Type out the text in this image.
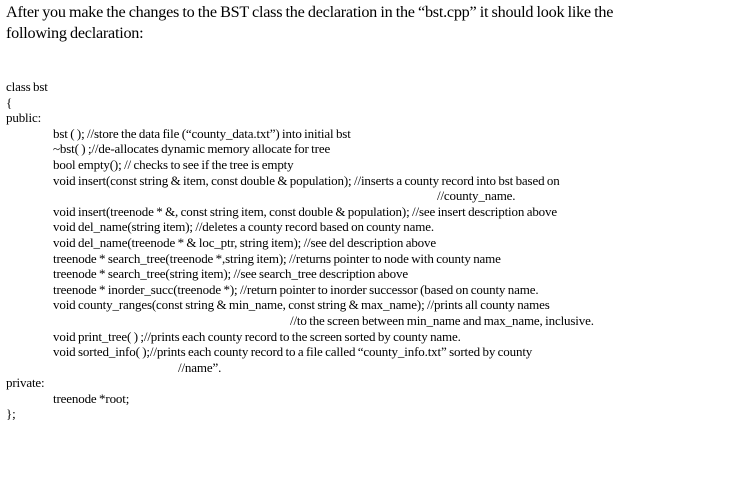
After you make the changes to the BST class the declaration in the “bst.cpp” it should look like the
following declaration:
class bst
{
public:
bst ( ); //store the data file (“county_data.txt”) into initial bst
~bst( ) ;//de-allocates dynamic memory allocate for tree
bool empty(); // checks to see if the tree is empty
void insert(const string & item, const double & population); //inserts a county record into bst based on
//county_name.
void insert(treenode * &, const string item, const double & population); //see insert description above
void del_name(string item); //deletes a county record based on county name.
void del_name(treenode * & loc_ptr, string item); //see del description above
treenode * search_tree(treenode *,string item); //returns pointer to node with county name
treenode * search_tree(string item); //see search_tree description above
treenode * inorder_succ(treenode *); //return pointer to inorder successor (based on county name.
void county_ranges(const string & min_name, const string & max_name); //prints all county names
//to the screen between min_name and max_name, inclusive.
void print_tree( ) ;//prints each county record to the screen sorted by county name.
void sorted_info( );//prints each county record to a file called “county_info.txt” sorted by county
//name”.
private:
treenode *root;
};
